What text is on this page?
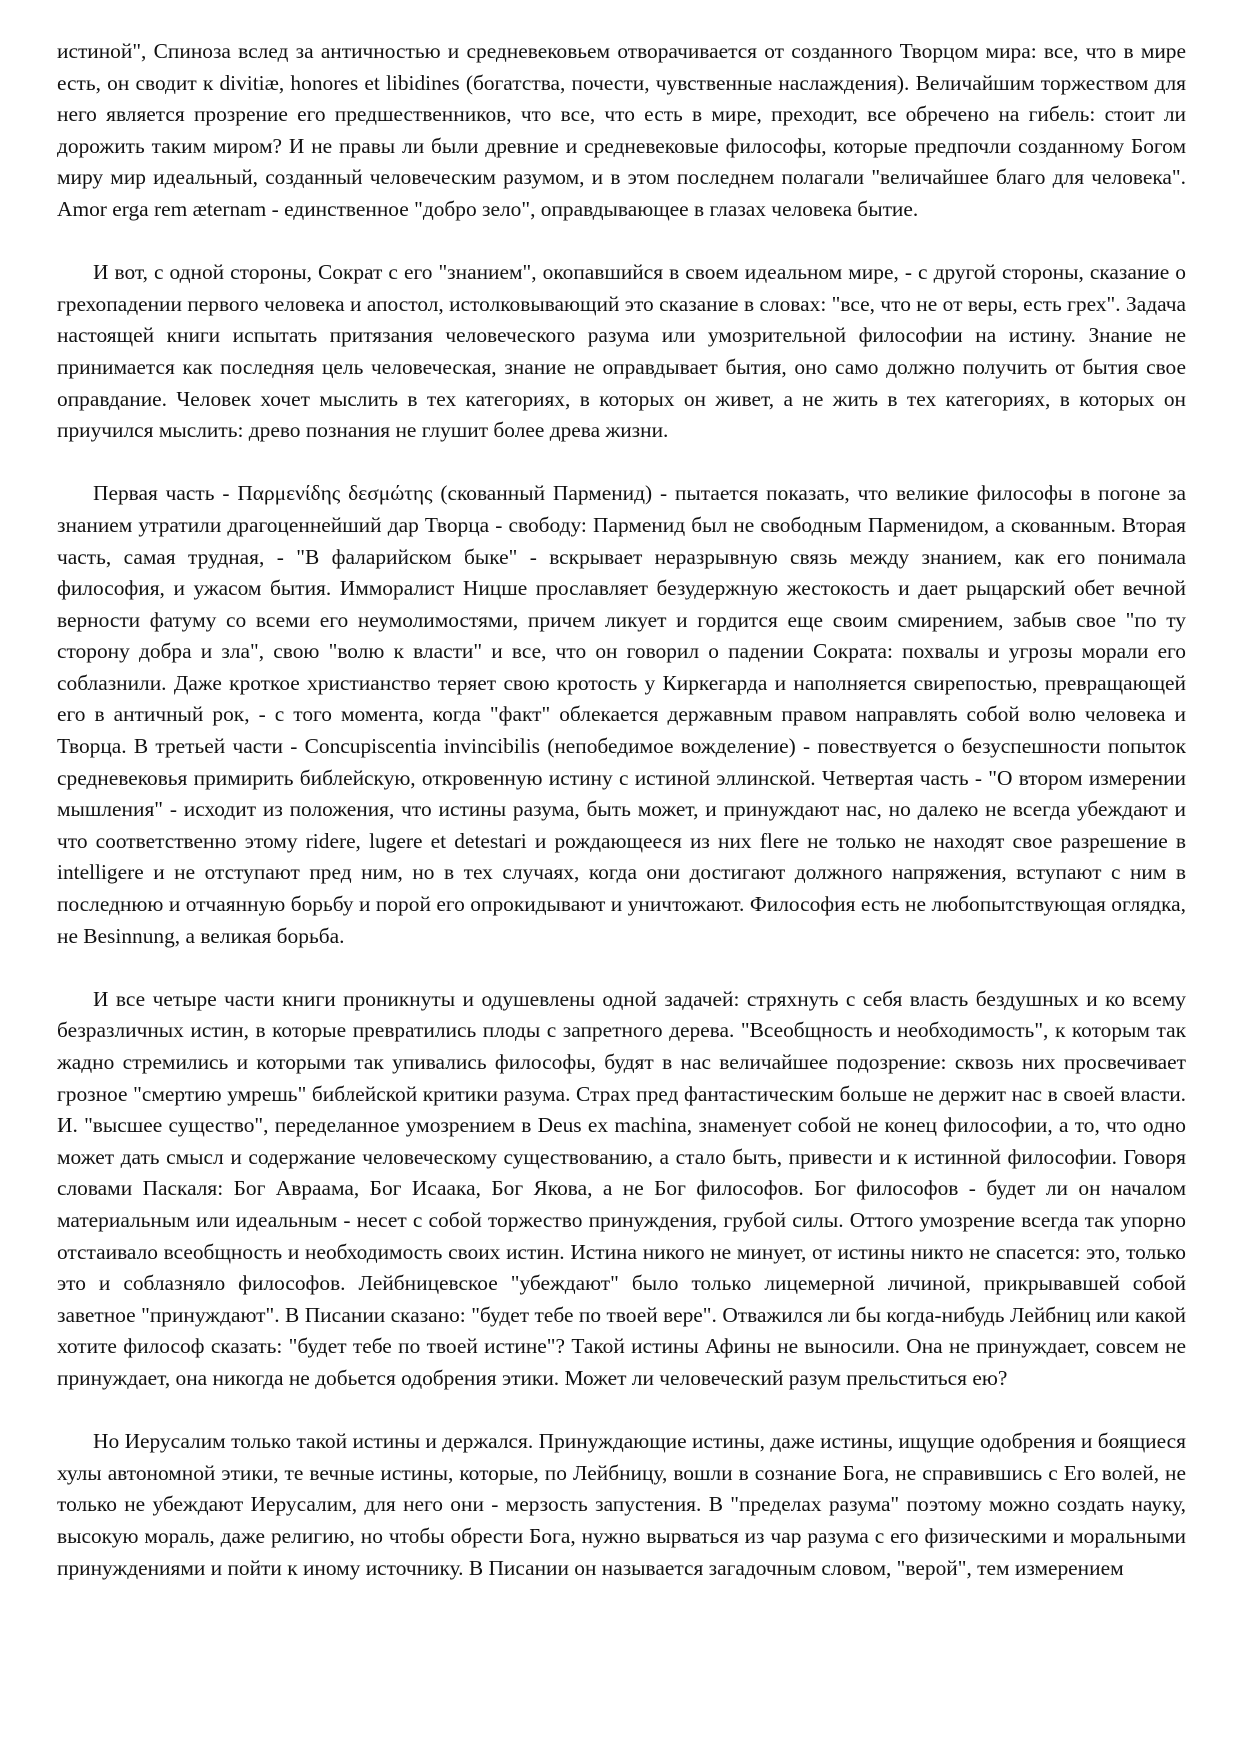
истиной", Спиноза вслед за античностью и средневековьем отворачивается от созданного Творцом мира: все, что в мире есть, он сводит к divitiæ, honores et libidines (богатства, почести, чувственные наслаждения). Величайшим торжеством для него является прозрение его предшественников, что все, что есть в мире, преходит, все обречено на гибель: стоит ли дорожить таким миром? И не правы ли были древние и средневековые философы, которые предпочли созданному Богом миру мир идеальный, созданный человеческим разумом, и в этом последнем полагали "величайшее благо для человека". Amor erga rem æternam - единственное "добро зело", оправдывающее в глазах человека бытие.

И вот, с одной стороны, Сократ с его "знанием", окопавшийся в своем идеальном мире, - с другой стороны, сказание о грехопадении первого человека и апостол, истолковывающий это сказание в словах: "все, что не от веры, есть грех". Задача настоящей книги испытать притязания человеческого разума или умозрительной философии на истину. Знание не принимается как последняя цель человеческая, знание не оправдывает бытия, оно само должно получить от бытия свое оправдание. Человек хочет мыслить в тех категориях, в которых он живет, а не жить в тех категориях, в которых он приучился мыслить: древо познания не глушит более древа жизни.

Первая часть - Παρμενίδης δεσμώτης (скованный Парменид) - пытается показать, что великие философы в погоне за знанием утратили драгоценнейший дар Творца - свободу: Парменид был не свободным Парменидом, а скованным. Вторая часть, самая трудная, - "В фаларийском быке" - вскрывает неразрывную связь между знанием, как его понимала философия, и ужасом бытия. Имморалист Ницше прославляет безудержную жестокость и дает рыцарский обет вечной верности фатуму со всеми его неумолимостями, причем ликует и гордится еще своим смирением, забыв свое "по ту сторону добра и зла", свою "волю к власти" и все, что он говорил о падении Сократа: похвалы и угрозы морали его соблазнили. Даже кроткое христианство теряет свою кротость у Киркегарда и наполняется свирепостью, превращающей его в античный рок, - с того момента, когда "факт" облекается державным правом направлять собой волю человека и Творца. В третьей части - Concupiscentia invincibilis (непобедимое вожделение) - повествуется о безуспешности попыток средневековья примирить библейскую, откровенную истину с истиной эллинской. Четвертая часть - "О втором измерении мышления" - исходит из положения, что истины разума, быть может, и принуждают нас, но далеко не всегда убеждают и что соответственно этому ridere, lugere et detestari и рождающееся из них flere не только не находят свое разрешение в intelligere и не отступают пред ним, но в тех случаях, когда они достигают должного напряжения, вступают с ним в последнюю и отчаянную борьбу и порой его опрокидывают и уничтожают. Философия есть не любопытствующая оглядка, не Besinnung, а великая борьба.

И все четыре части книги проникнуты и одушевлены одной задачей: стряхнуть с себя власть бездушных и ко всему безразличных истин, в которые превратились плоды с запретного дерева. "Всеобщность и необходимость", к которым так жадно стремились и которыми так упивались философы, будят в нас величайшее подозрение: сквозь них просвечивает грозное "смертию умрешь" библейской критики разума. Страх пред фантастическим больше не держит нас в своей власти. И. "высшее существо", переделанное умозрением в Deus ex machina, знаменует собой не конец философии, а то, что одно может дать смысл и содержание человеческому существованию, а стало быть, привести и к истинной философии. Говоря словами Паскаля: Бог Авраама, Бог Исаака, Бог Якова, а не Бог философов. Бог философов - будет ли он началом материальным или идеальным - несет с собой торжество принуждения, грубой силы. Оттого умозрение всегда так упорно отстаивало всеобщность и необходимость своих истин. Истина никого не минует, от истины никто не спасется: это, только это и соблазняло философов. Лейбницевское "убеждают" было только лицемерной личиной, прикрывавшей собой заветное "принуждают". В Писании сказано: "будет тебе по твоей вере". Отважился ли бы когда-нибудь Лейбниц или какой хотите философ сказать: "будет тебе по твоей истине"? Такой истины Афины не выносили. Она не принуждает, совсем не принуждает, она никогда не добьется одобрения этики. Может ли человеческий разум прельститься ею?

Но Иерусалим только такой истины и держался. Принуждающие истины, даже истины, ищущие одобрения и боящиеся хулы автономной этики, те вечные истины, которые, по Лейбницу, вошли в сознание Бога, не справившись с Его волей, не только не убеждают Иерусалим, для него они - мерзость запустения. В "пределах разума" поэтому можно создать науку, высокую мораль, даже религию, но чтобы обрести Бога, нужно вырваться из чар разума с его физическими и моральными принуждениями и пойти к иному источнику. В Писании он называется загадочным словом, "верой", тем измерением
